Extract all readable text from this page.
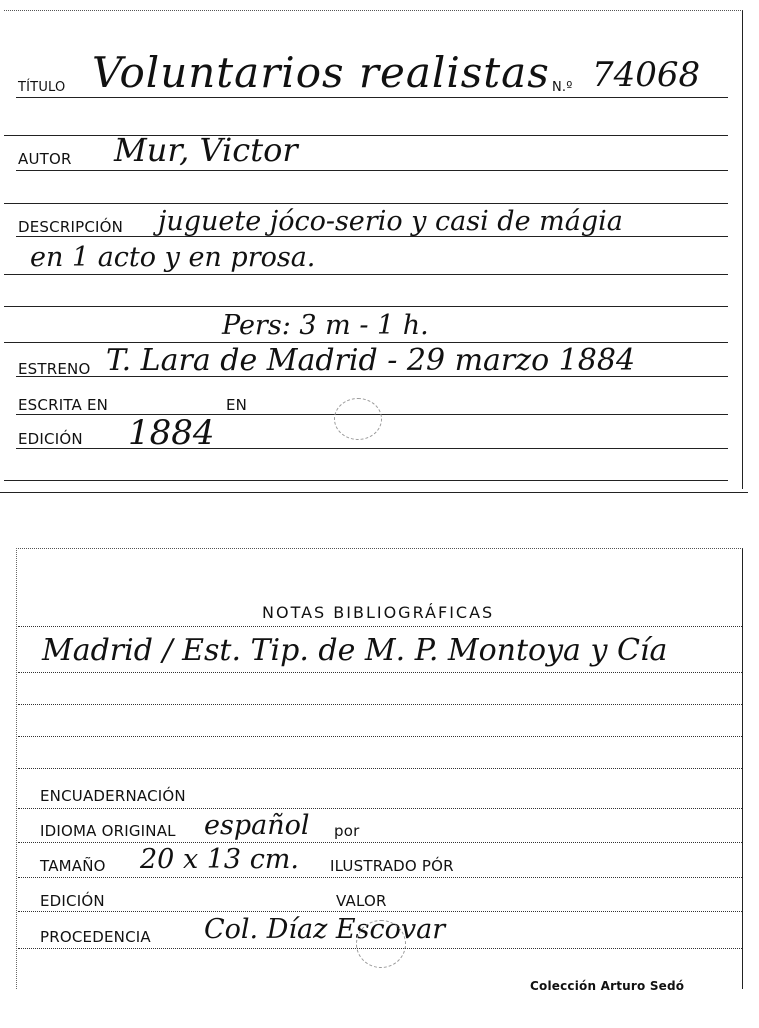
TÍTULO Voluntarios realistas N.º 74068
AUTOR Mur, Victor
DESCRIPCIÓN juguete jóco-serio y casi de mágia
en 1 acto y en prosa.
Pers: 3 m - 1 h.
ESTRENO T. Lara de Madrid - 29 marzo 1884
ESCRITA EN	EN
EDICIÓN 1884
NOTAS BIBLIOGRÁFICAS
Madrid / Est. Tip. de M. P. Montoya y Cía
ENCUADERNACIÓN
IDIOMA ORIGINAL español por
TAMAÑO 20 x 13 cm. ILUSTRADO PÓR
EDICIÓN	VALOR
PROCEDENCIA Col. Díaz Escovar
Colección Arturo Sedó
